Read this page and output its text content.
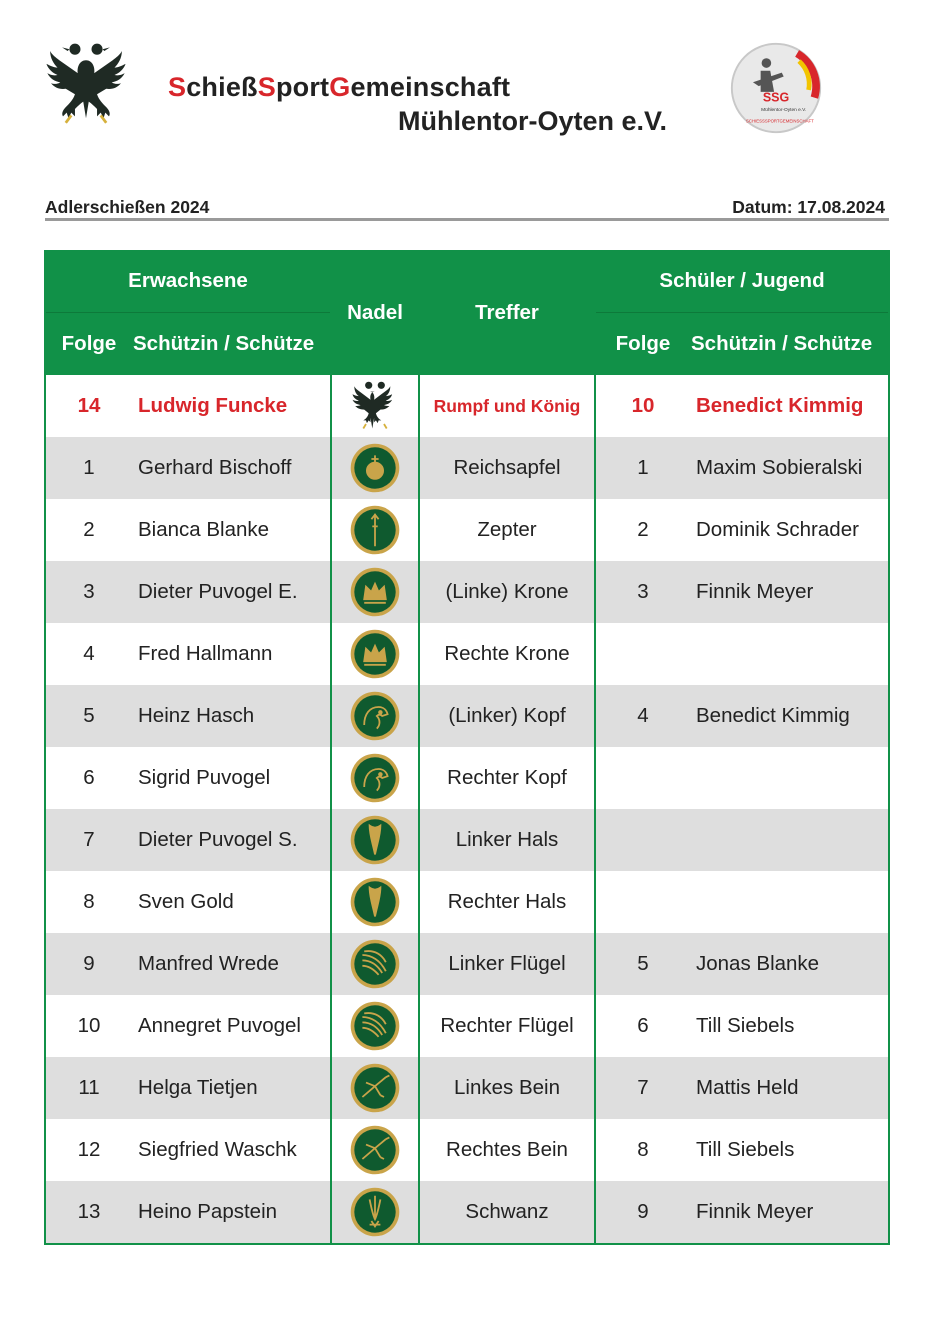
SchießSportGemeinschaft
Mühlentor-Oyten e.V.
SSG
Mühlentor-Oyten e.V.
SCHIESSSPORTGEMEINSCHAFT
Adlerschießen 2024	Datum: 17.08.2024
Erwachsene		Nadel	Treffer	Schüler / Jugend	
Folge	Schützin / Schütze			Folge	Schützin / Schütze
14	Ludwig Funcke		Rumpf und König	10	Benedict Kimmig
1	Gerhard Bischoff		Reichsapfel	1	Maxim Sobieralski
2	Bianca Blanke		Zepter	2	Dominik Schrader
3	Dieter Puvogel E.		(Linke) Krone	3	Finnik Meyer
4	Fred Hallmann		Rechte Krone		
5	Heinz Hasch		(Linker) Kopf	4	Benedict Kimmig
6	Sigrid Puvogel		Rechter Kopf		
7	Dieter Puvogel S.		Linker Hals		
8	Sven Gold		Rechter Hals		
9	Manfred Wrede		Linker Flügel	5	Jonas Blanke
10	Annegret Puvogel		Rechter Flügel	6	Till Siebels
11	Helga Tietjen		Linkes Bein	7	Mattis Held
12	Siegfried Waschk		Rechtes Bein	8	Till Siebels
13	Heino Papstein		Schwanz	9	Finnik Meyer
